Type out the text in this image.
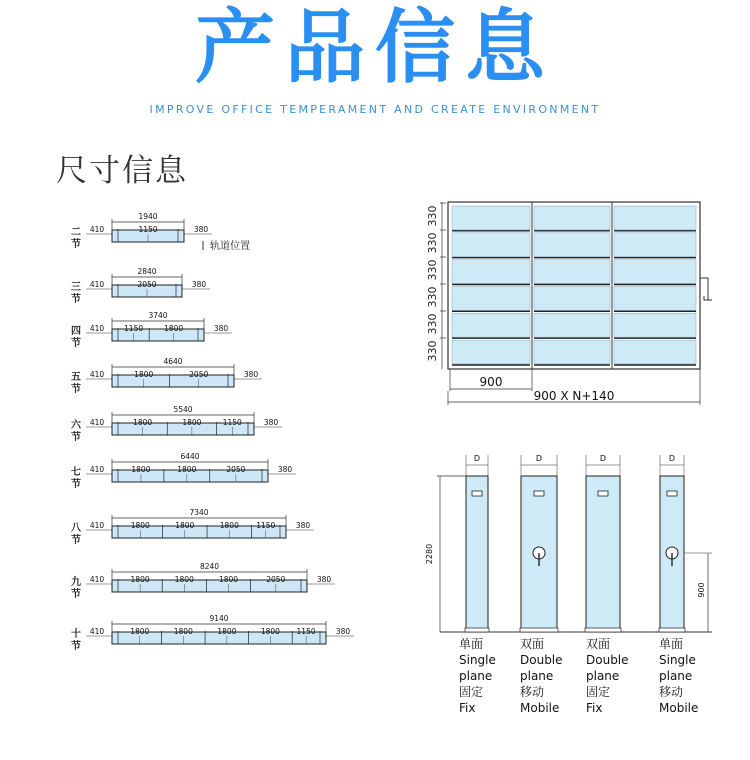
产品信息
IMPROVE OFFICE TEMPERAMENT AND CREATE ENVIRONMENT
尺寸信息
二
节
1940
410	380
1150
三
节
2840
410	380
2050
四
节
3740
410	380
1150	1800
五
节
4640
410	380
1800	2050
六
节
5540
410	380
1800	1800	1150
七
节
6440
410	380
1800	1800	2050
八
节
7340
410	380
1800	1800	1800 1150
九
节
8240
410	380
1800	1800	1800	2050
十
节
9140
410	380
1800	1800	1800	1800 1150
轨道位置
330
330
330
330
330
330
900
900 X N+140
2280
D
单面
Single
plane
固定
Fix
D
双面
Double
plane
移动
Mobile
D
双面
Double
plane
固定
Fix
D
单面
Single
plane
移动
Mobile
900
